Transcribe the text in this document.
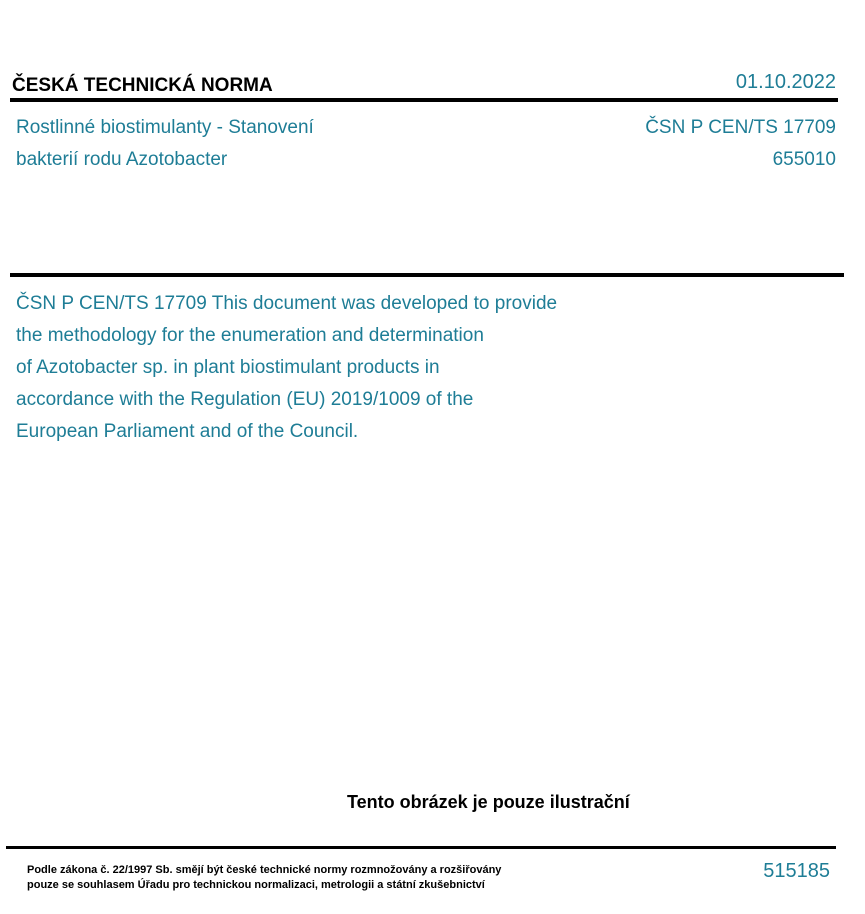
ČESKÁ TECHNICKÁ NORMA	01.10.2022
Rostlinné biostimulanty - Stanovení
bakterií rodu Azotobacter
ČSN P CEN/TS 17709
655010
ČSN P CEN/TS 17709 This document was developed to provide
the methodology for the enumeration and determination
of Azotobacter sp. in plant biostimulant products in
accordance with the Regulation (EU) 2019/1009 of the
European Parliament and of the Council.
Tento obrázek je pouze ilustrační
Podle zákona č. 22/1997 Sb. smějí být české technické normy rozmnožovány a rozšiřovány
pouze se souhlasem Úřadu pro technickou normalizaci, metrologii a státní zkušebnictví
515185
